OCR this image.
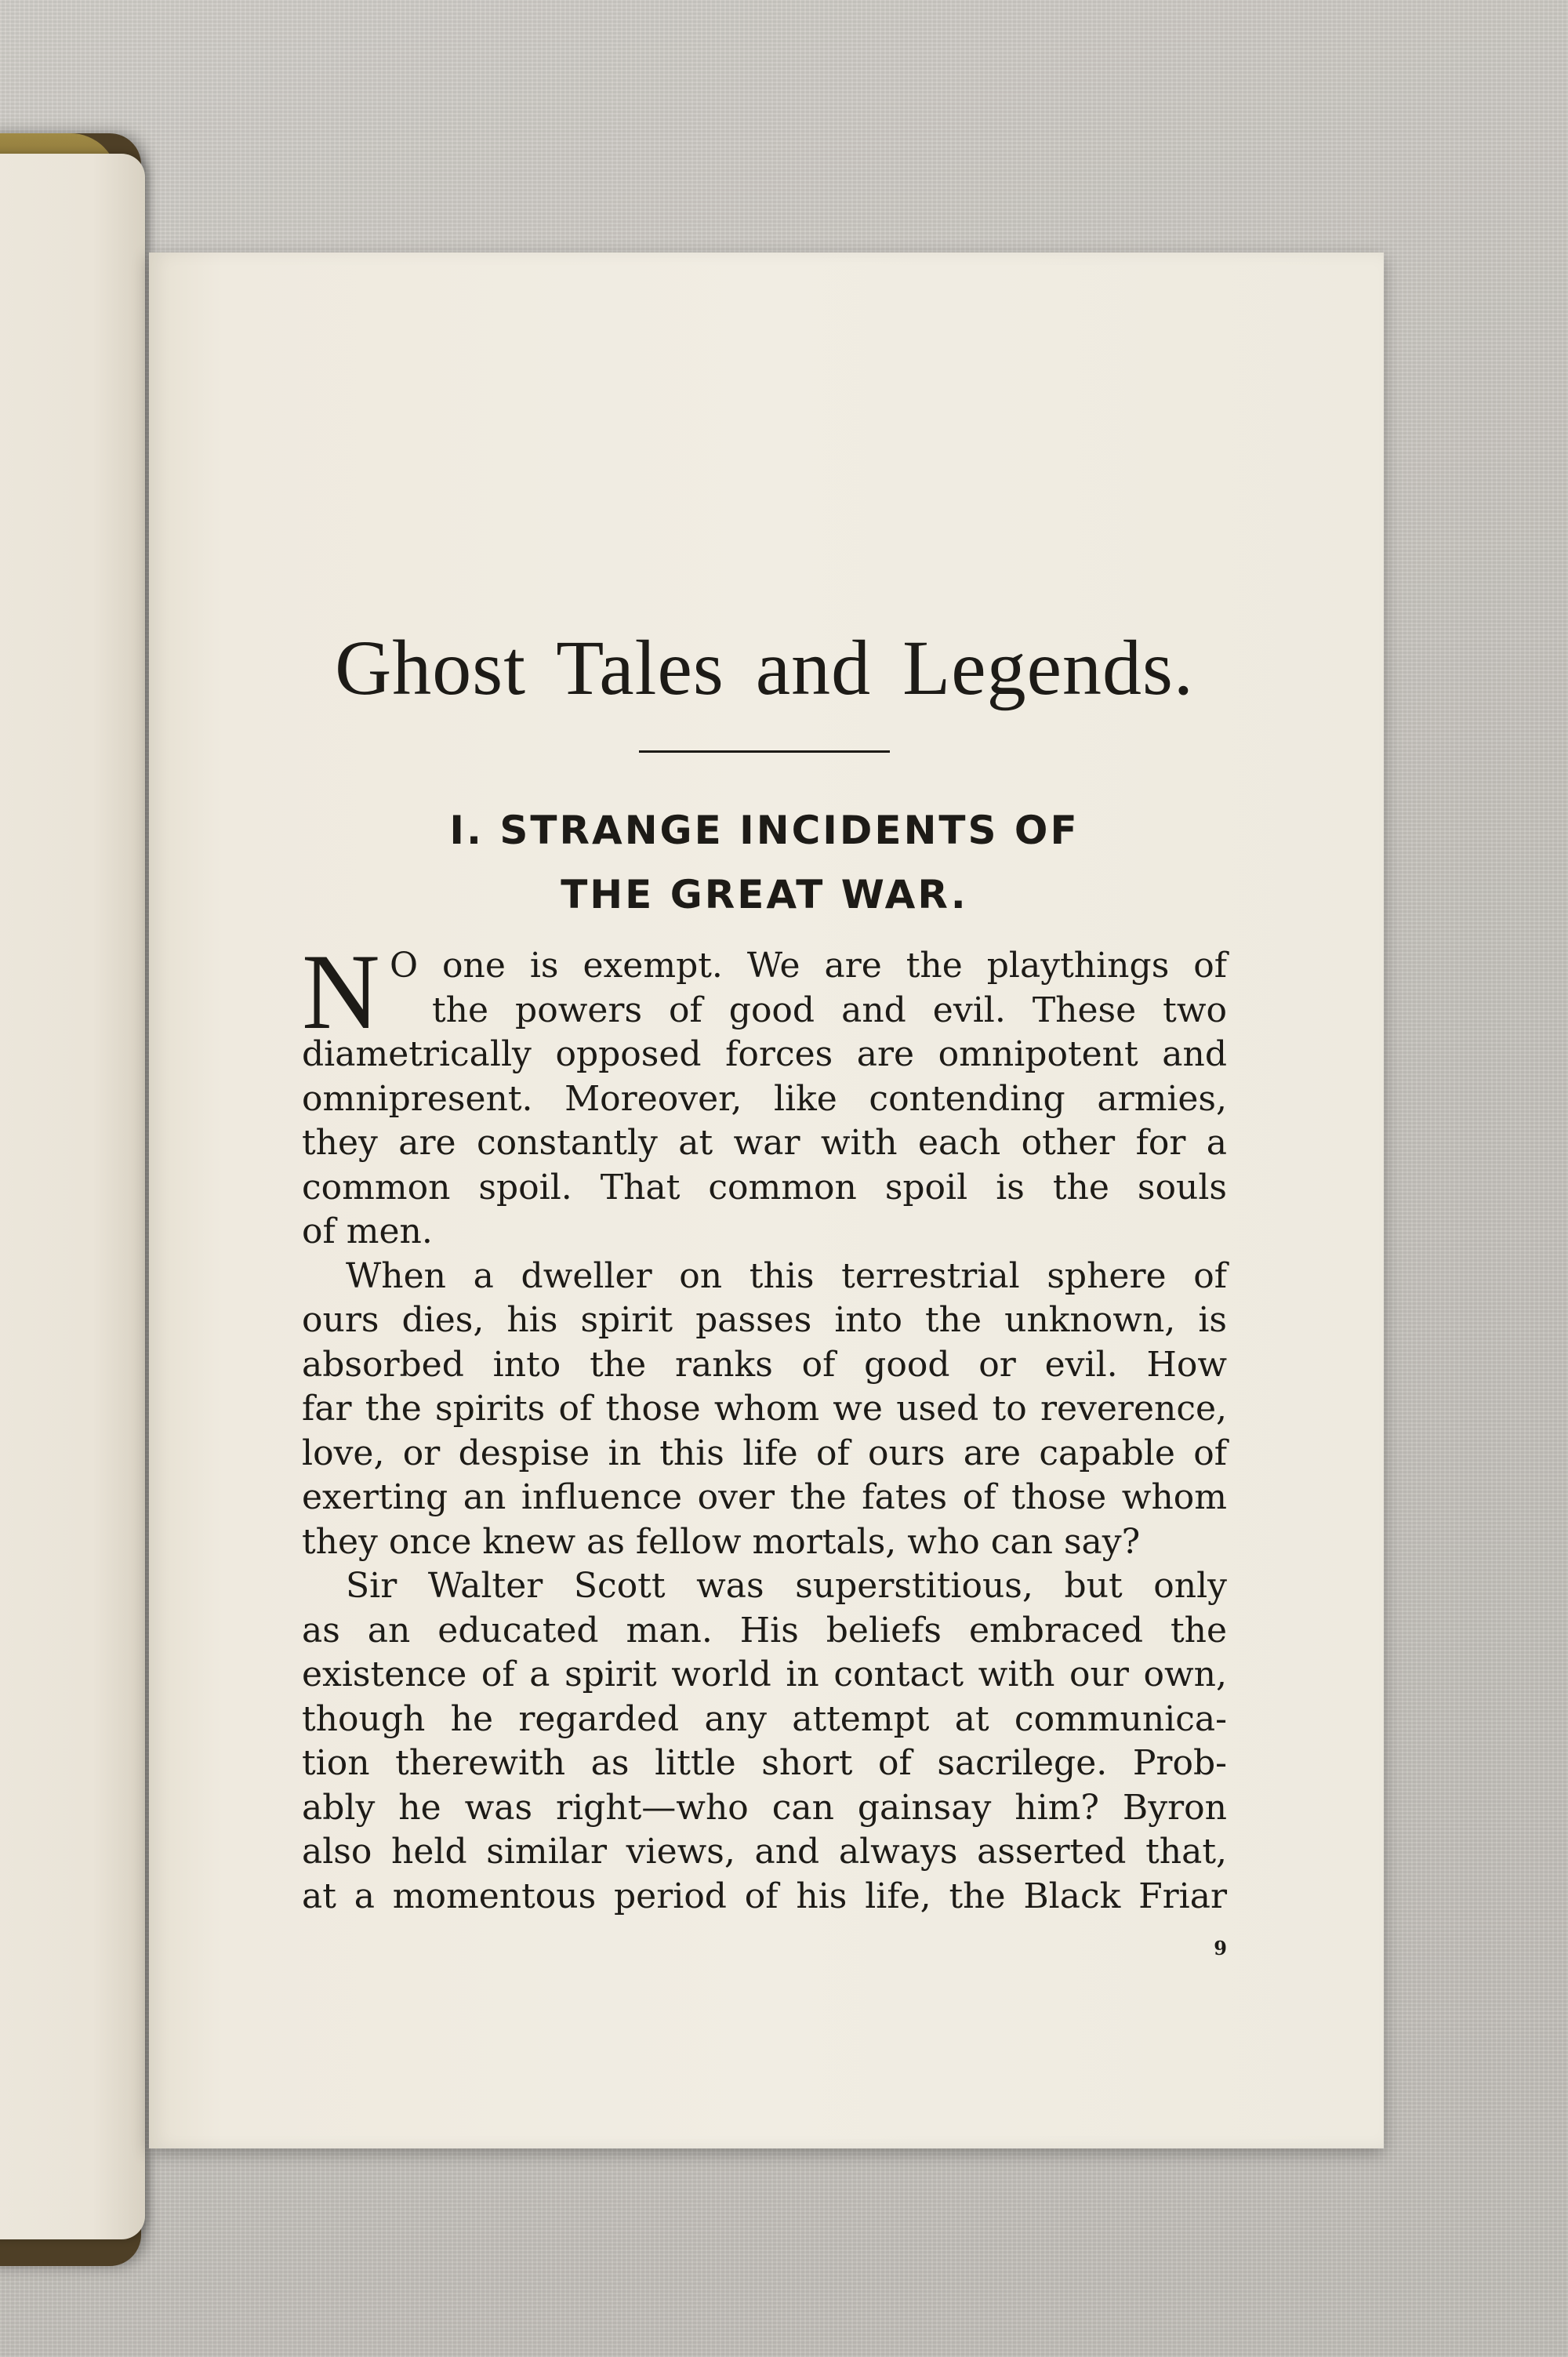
Ghost Tales and Legends.
I. STRANGE INCIDENTS OF
THE GREAT WAR.
N O one is exempt. We are the playthings of
the powers of good and evil. These two
diametrically opposed forces are omnipotent and
omnipresent. Moreover, like contending armies,
they are constantly at war with each other for a
common spoil. That common spoil is the souls
of men.
When a dweller on this terrestrial sphere of
ours dies, his spirit passes into the unknown, is
absorbed into the ranks of good or evil. How
far the spirits of those whom we used to reverence,
love, or despise in this life of ours are capable of
exerting an influence over the fates of those whom
they once knew as fellow mortals, who can say?
Sir Walter Scott was superstitious, but only
as an educated man. His beliefs embraced the
existence of a spirit world in contact with our own,
though he regarded any attempt at communica-
tion therewith as little short of sacrilege. Prob-
ably he was right—who can gainsay him? Byron
also held similar views, and always asserted that,
at a momentous period of his life, the Black Friar
9
